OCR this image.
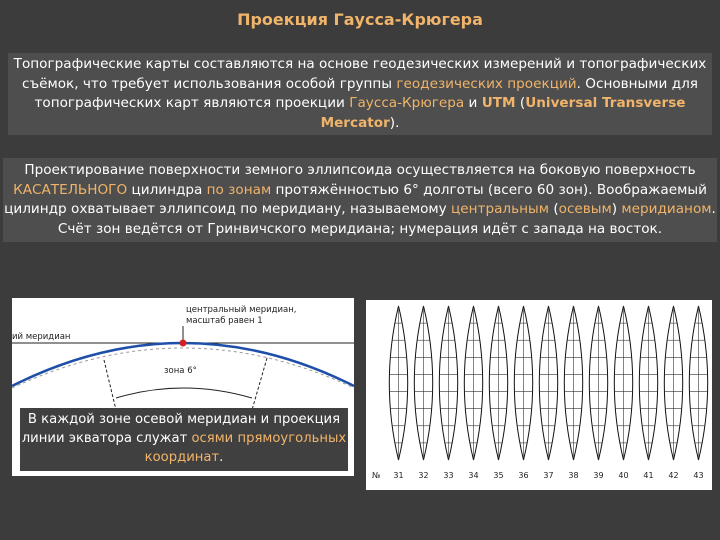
Проекция Гаусса-Крюгера
Топографические карты составляются на основе геодезических измерений и топографических съёмок, что требует использования особой группы геодезических проекций. Основными для топографических карт являются проекции Гаусса-Крюгера и UTM (Universal Transverse Mercator).
Проектирование поверхности земного эллипсоида осуществляется на боковую поверхность КАСАТЕЛЬНОГО цилиндра по зонам протяжённостью 6° долготы (всего 60 зон). Воображаемый цилиндр охватывает эллипсоид по меридиану, называемому центральным (осевым) меридианом. Счёт зон ведётся от Гринвичского меридиана; нумерация идёт с запада на восток.
центральный меридиан,
масштаб равен 1
ий меридиан
зона 6°
В каждой зоне осевой меридиан и проекция линии экватора служат осями прямоугольных координат.
№ 31 32 33 34 35 36 37 38 39 40 41 42 43
